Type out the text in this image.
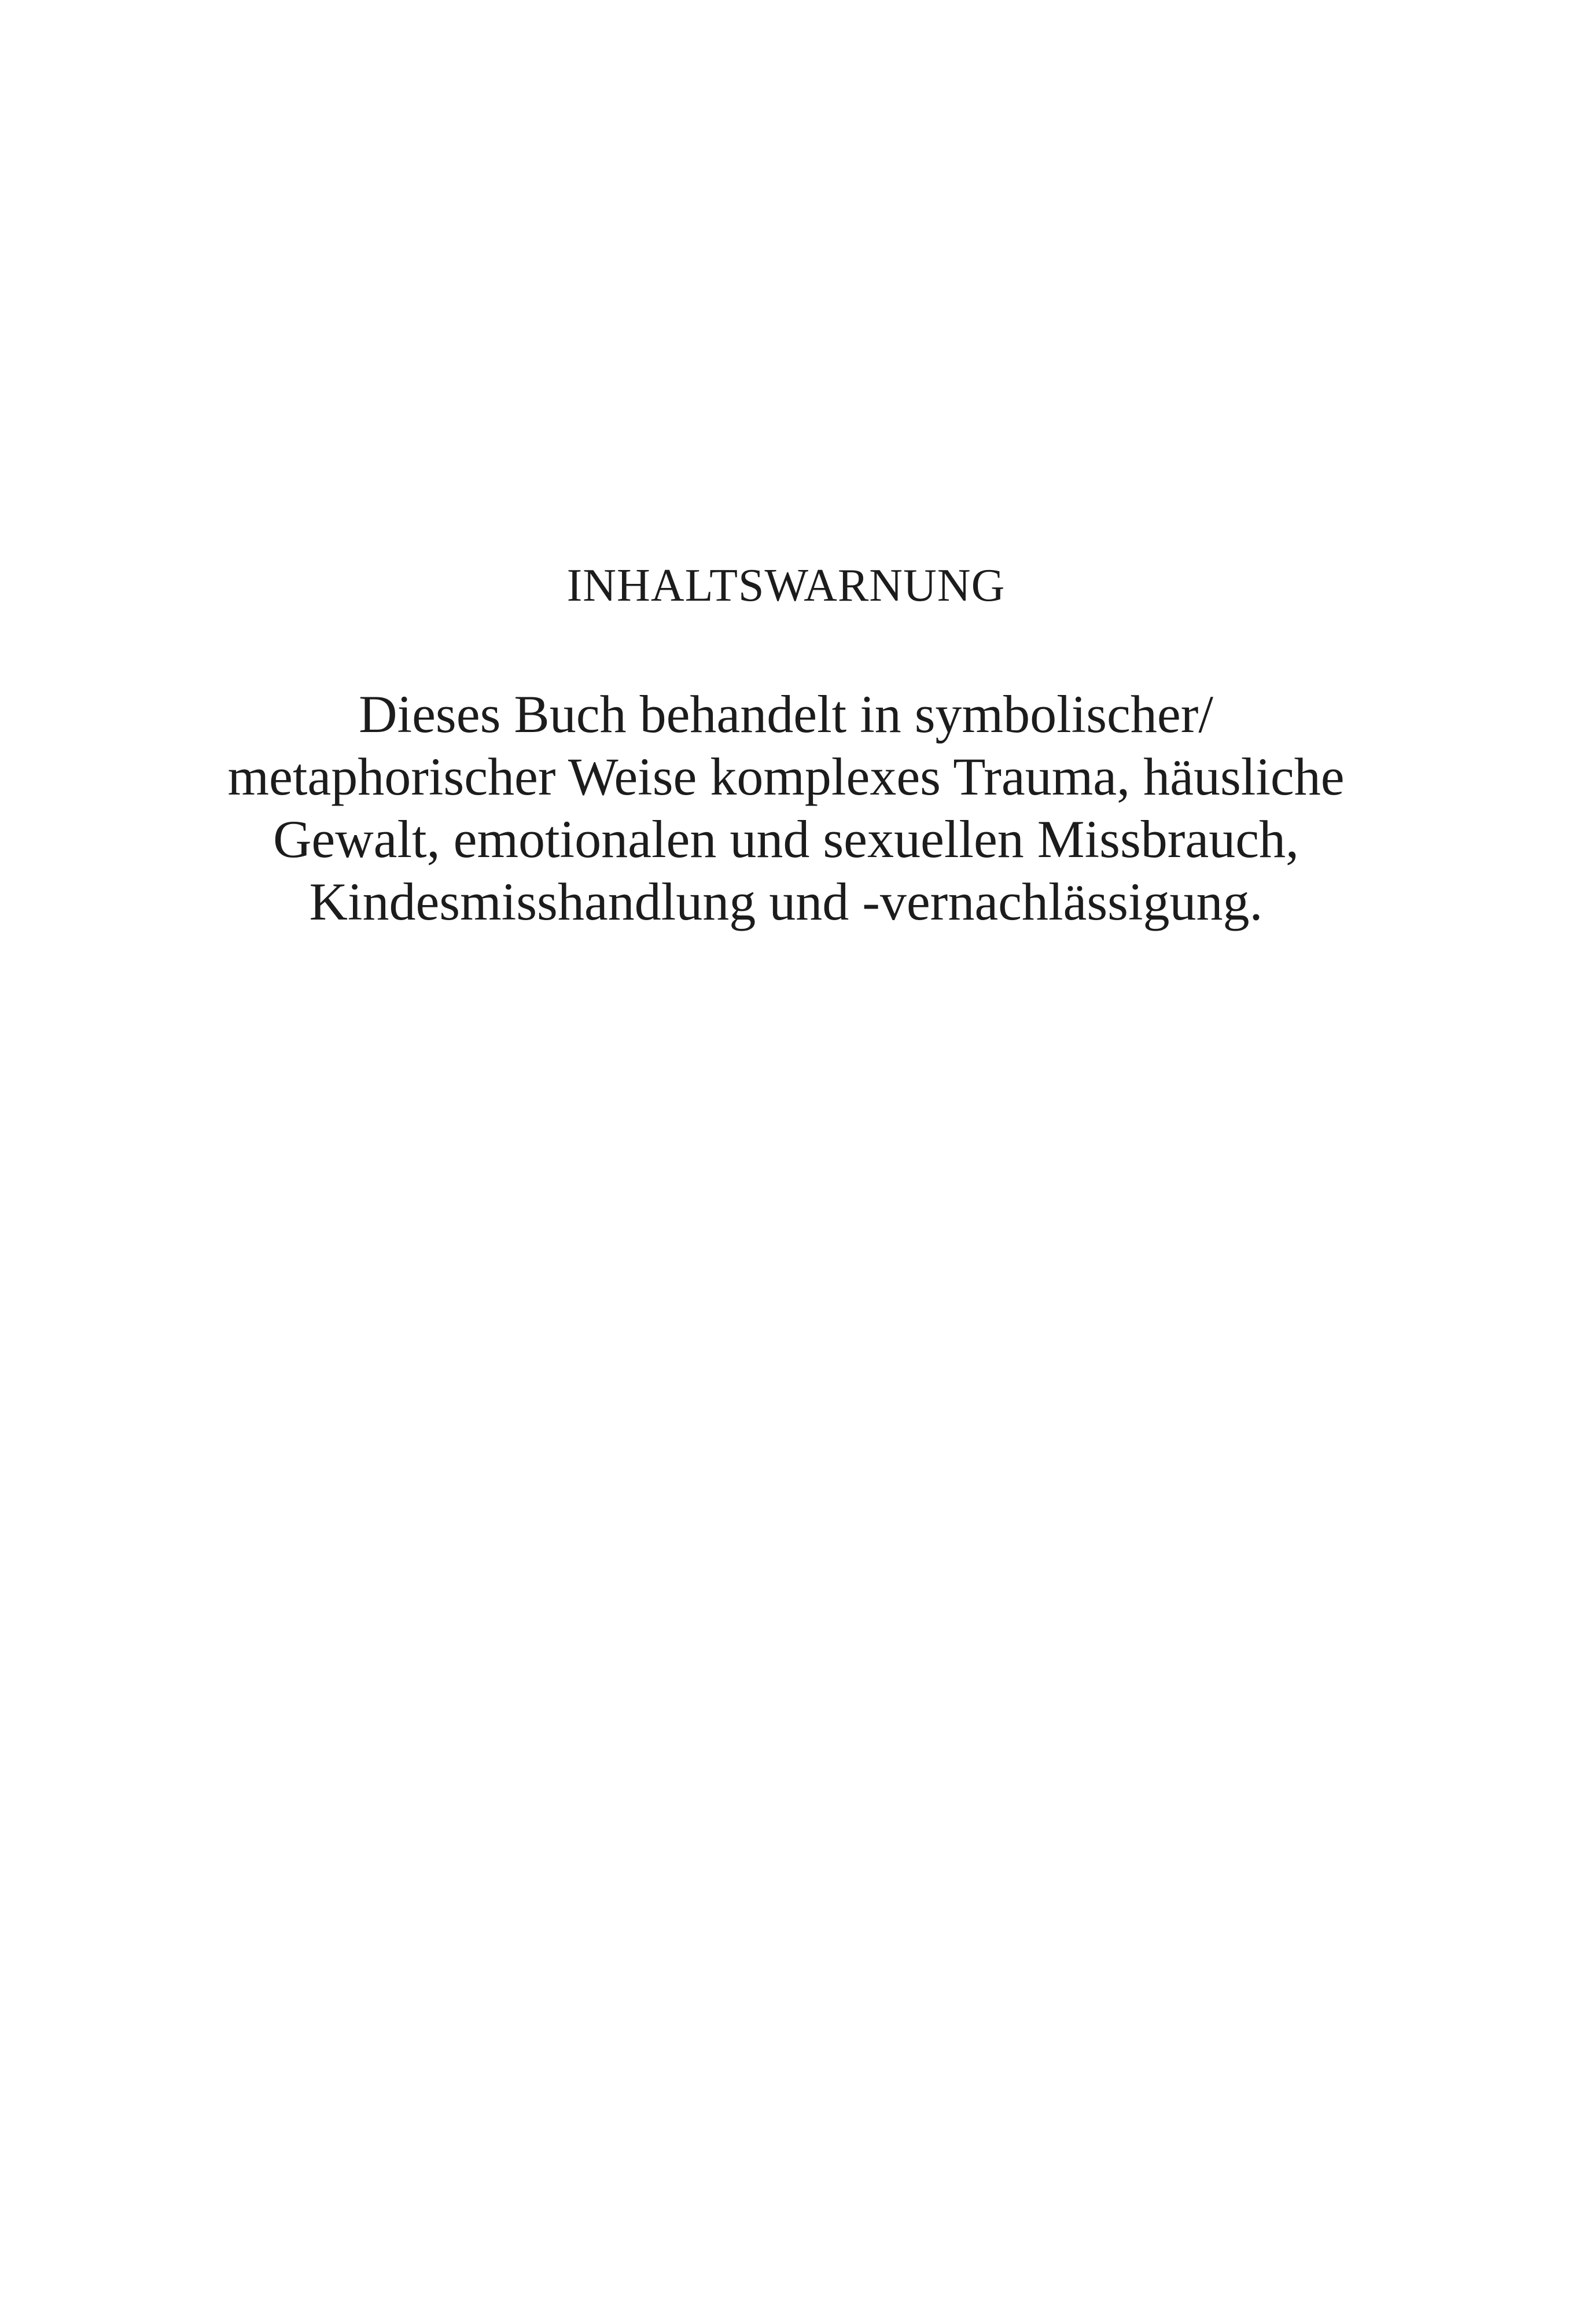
INHALTSWARNUNG

Dieses Buch behandelt in symbolischer/
metaphorischer Weise komplexes Trauma, häusliche
Gewalt, emotionalen und sexuellen Missbrauch,
Kindesmisshandlung und -vernachlässigung.
